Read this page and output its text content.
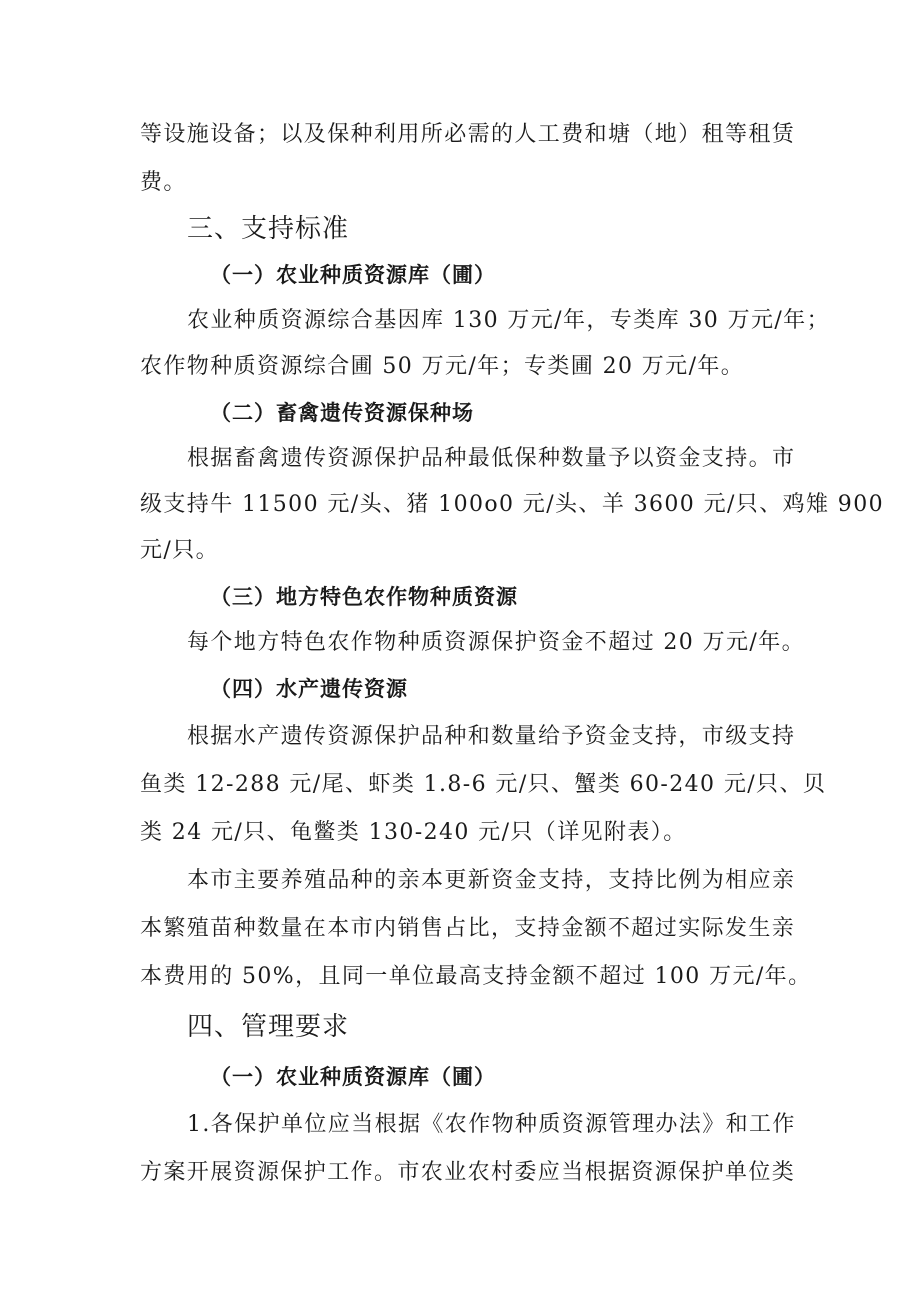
等设施设备；以及保种利用所必需的人工费和塘（地）租等租赁
费。
三、支持标准
（一）农业种质资源库（圃）
农业种质资源综合基因库 130 万元/年，专类库 30 万元/年；
农作物种质资源综合圃 50 万元/年；专类圃 20 万元/年。
（二）畜禽遗传资源保种场
根据畜禽遗传资源保护品种最低保种数量予以资金支持。市
级支持牛 11500 元/头、猪 100o0 元/头、羊 3600 元/只、鸡雉 900
元/只。
（三）地方特色农作物种质资源
每个地方特色农作物种质资源保护资金不超过 20 万元/年。
（四）水产遗传资源
根据水产遗传资源保护品种和数量给予资金支持，市级支持
鱼类 12-288 元/尾、虾类 1.8-6 元/只、蟹类 60-240 元/只、贝
类 24 元/只、龟鳖类 130-240 元/只（详见附表）。
本市主要养殖品种的亲本更新资金支持，支持比例为相应亲
本繁殖苗种数量在本市内销售占比，支持金额不超过实际发生亲
本费用的 50%，且同一单位最高支持金额不超过 100 万元/年。
四、管理要求
（一）农业种质资源库（圃）
1.各保护单位应当根据《农作物种质资源管理办法》和工作
方案开展资源保护工作。市农业农村委应当根据资源保护单位类
